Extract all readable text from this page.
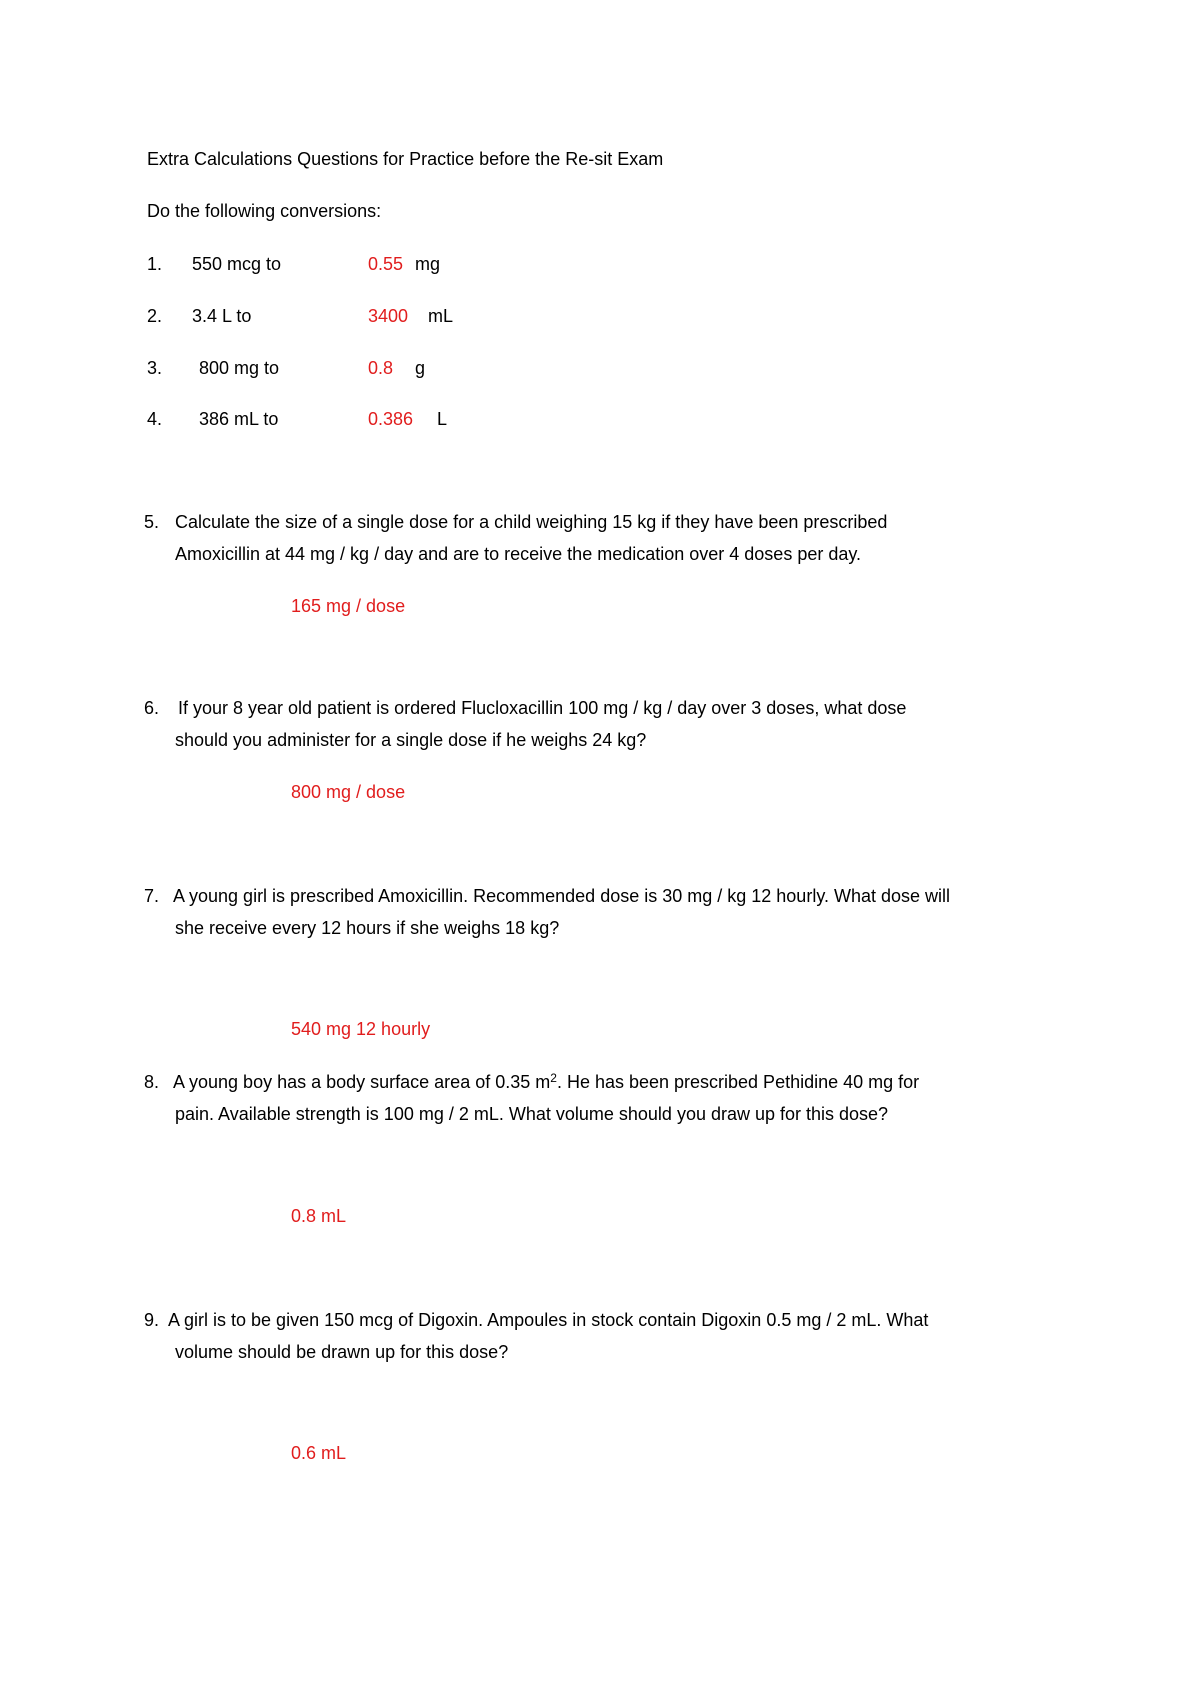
Extra Calculations Questions for Practice before the Re-sit Exam
Do the following conversions:
1. 550 mcg to	0.55 mg
2. 3.4 L to	3400 mL
3. 800 mg to	0.8 g
4. 386 mL to	0.386 L
5. Calculate the size of a single dose for a child weighing 15 kg if they have been prescribed
Amoxicillin at 44 mg / kg / day and are to receive the medication over 4 doses per day.
165 mg / dose
6. If your 8 year old patient is ordered Flucloxacillin 100 mg / kg / day over 3 doses, what dose
should you administer for a single dose if he weighs 24 kg?
800 mg / dose
7. A young girl is prescribed Amoxicillin. Recommended dose is 30 mg / kg 12 hourly. What dose will
she receive every 12 hours if she weighs 18 kg?
540 mg 12 hourly
8. A young boy has a body surface area of 0.35 $m^2$. He has been prescribed Pethidine 40 mg for
pain. Available strength is 100 mg / 2 mL. What volume should you draw up for this dose?
0.8 mL
9. A girl is to be given 150 mcg of Digoxin. Ampoules in stock contain Digoxin 0.5 mg / 2 mL. What
volume should be drawn up for this dose?
0.6 mL
